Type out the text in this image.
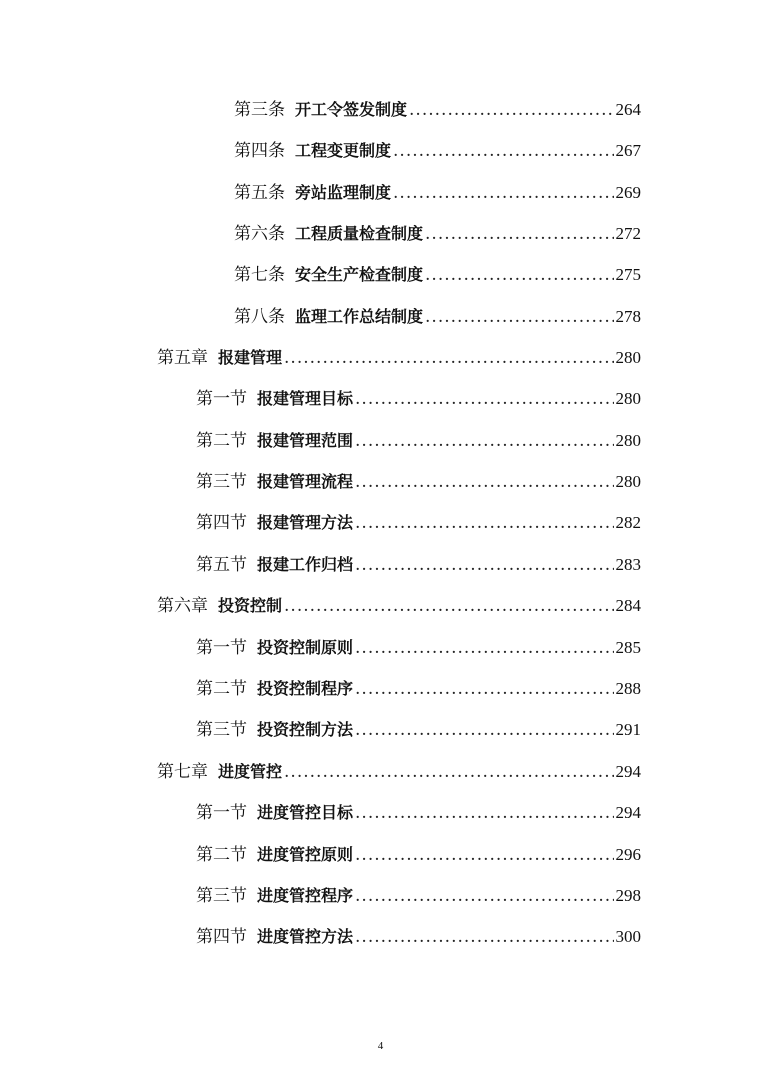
第三条 开工令签发制度 .....	264
第四条 工程变更制度 .....	267
第五条 旁站监理制度 .....	269
第六条 工程质量检查制度 .....	272
第七条 安全生产检查制度 .....	275
第八条 监理工作总结制度 .....	278
第五章 报建管理 .....	280
第一节 报建管理目标 .....	280
第二节 报建管理范围 .....	280
第三节 报建管理流程 .....	280
第四节 报建管理方法 .....	282
第五节 报建工作归档 .....	283
第六章 投资控制 .....	284
第一节 投资控制原则 .....	285
第二节 投资控制程序 .....	288
第三节 投资控制方法 .....	291
第七章 进度管控 .....	294
第一节 进度管控目标 .....	294
第二节 进度管控原则 .....	296
第三节 进度管控程序 .....	298
第四节 进度管控方法 .....	300
4
